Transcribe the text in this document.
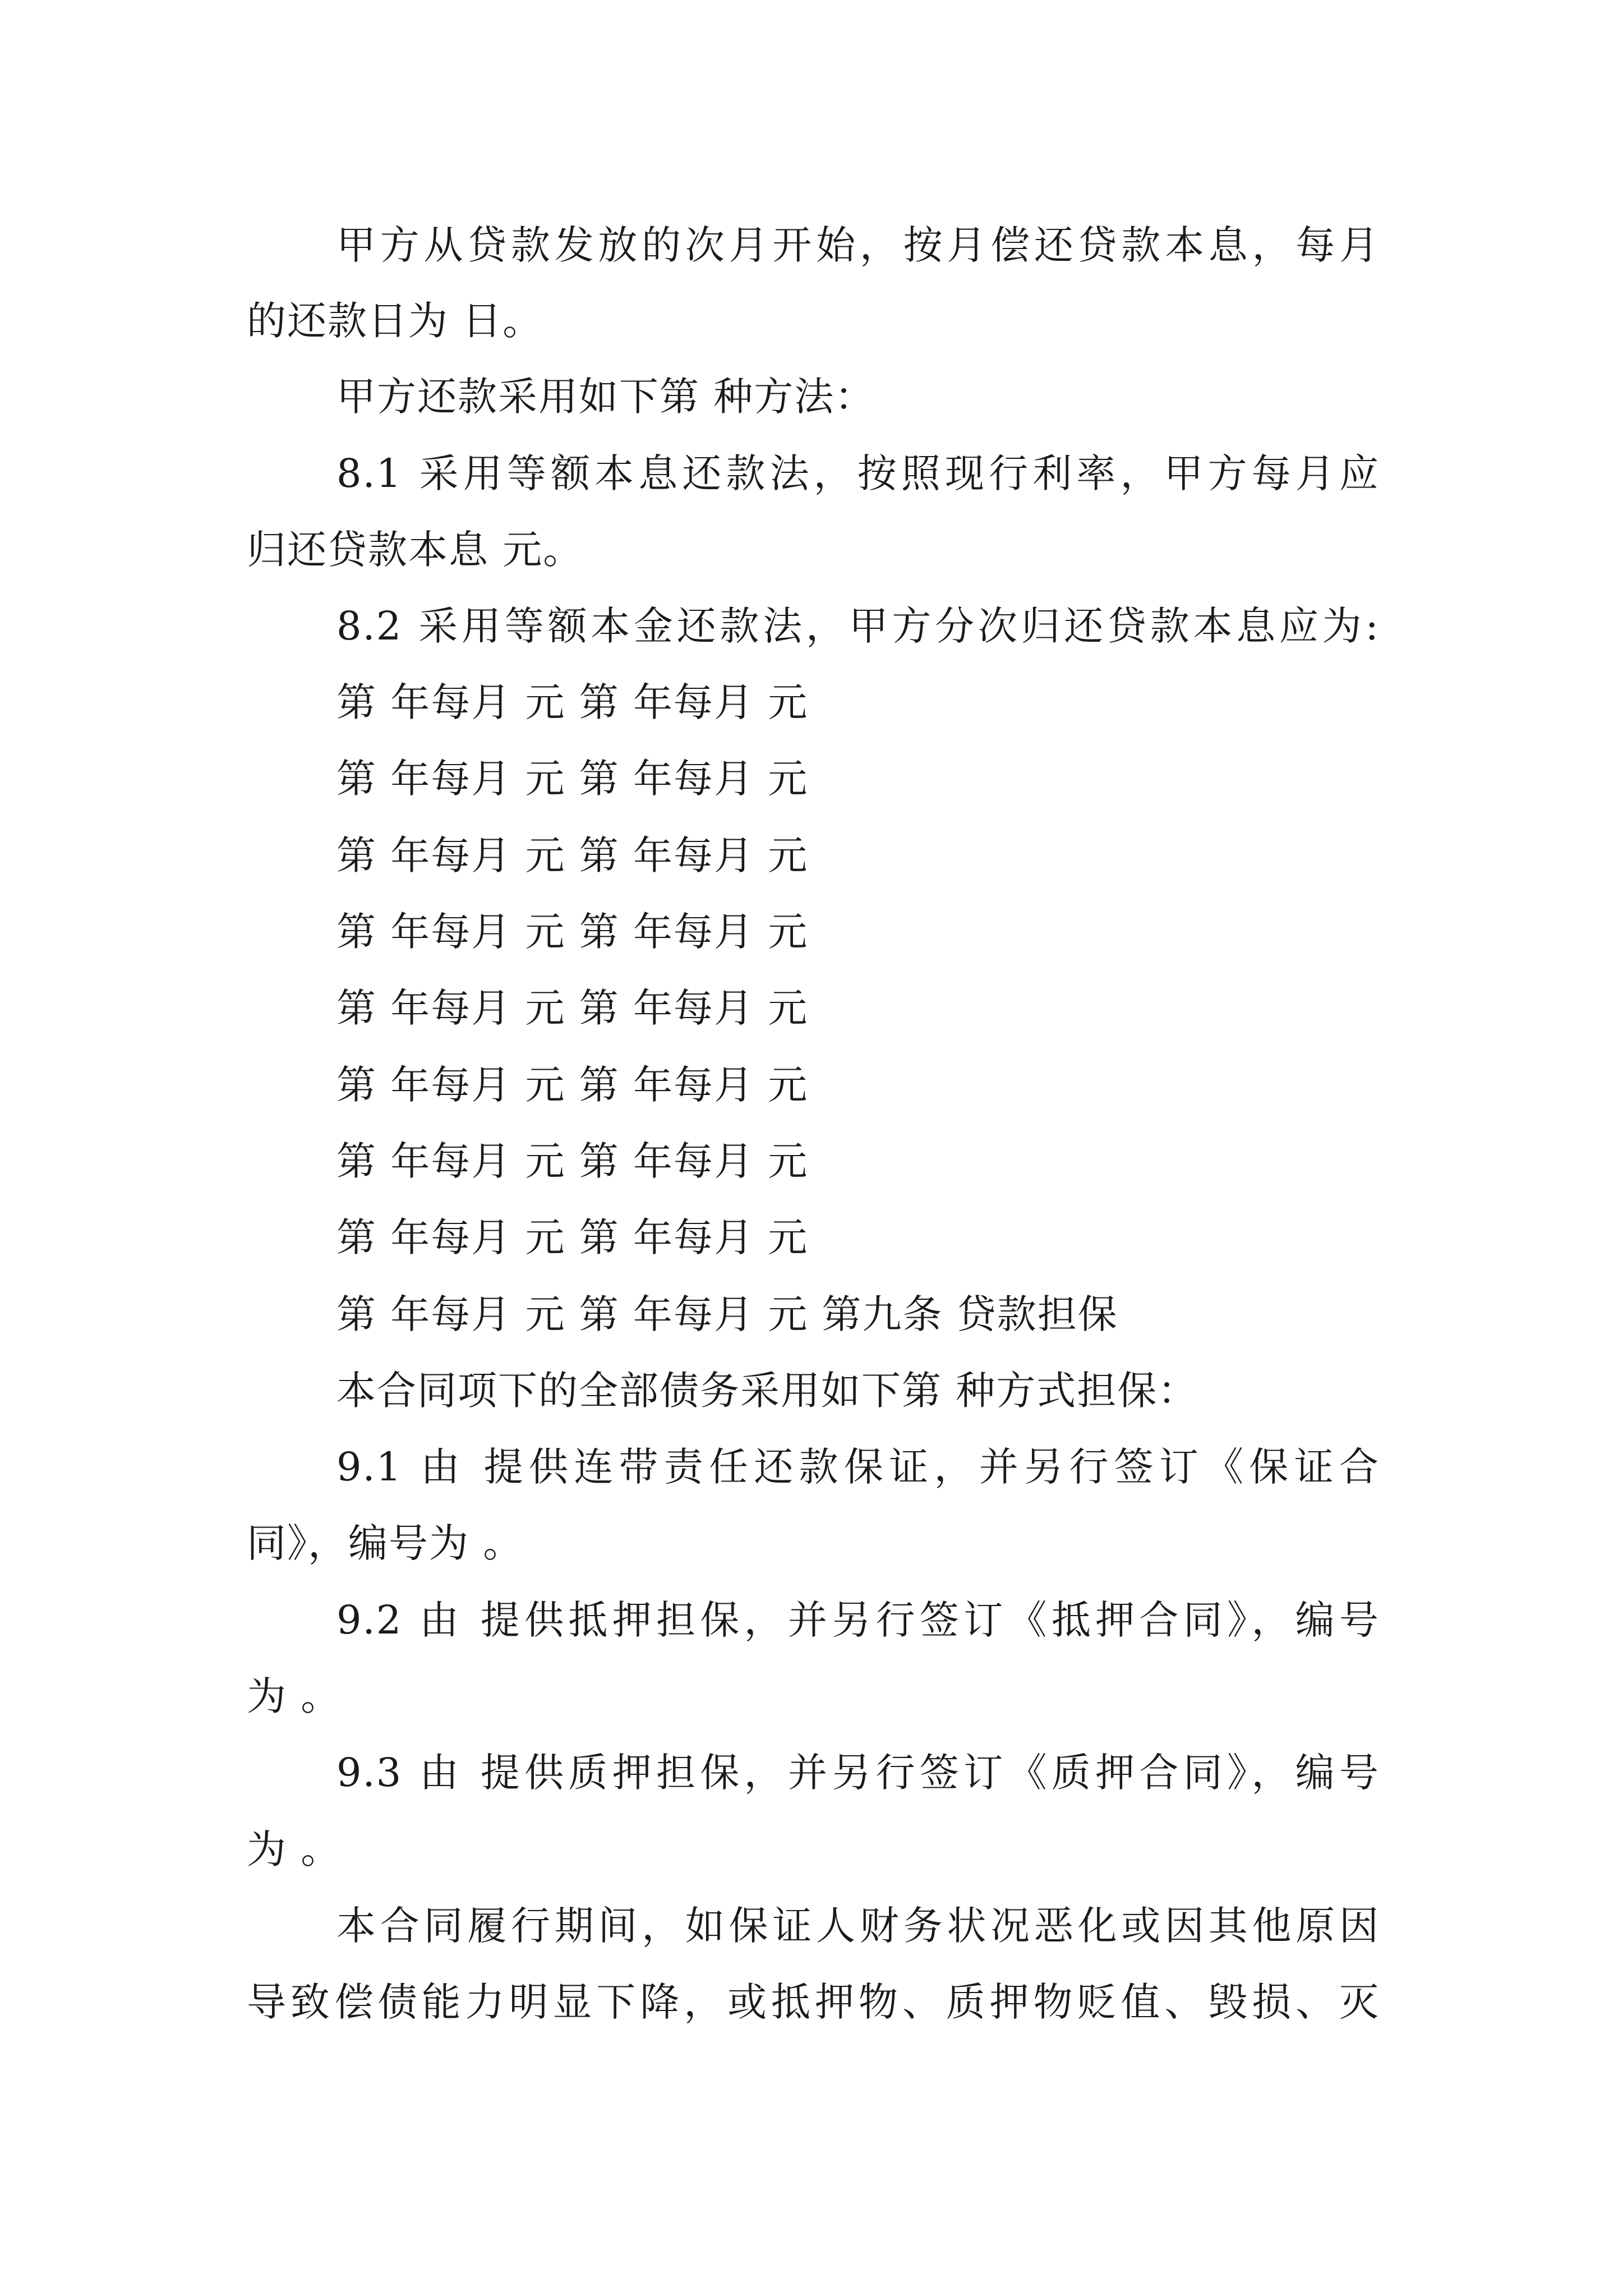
甲方从贷款发放的次月开始，按月偿还贷款本息，每月
的还款日为 日。
甲方还款采用如下第 种方法：
8.1 采用等额本息还款法，按照现行利率，甲方每月应
归还贷款本息 元。
8.2 采用等额本金还款法，甲方分次归还贷款本息应为:
第 年每月 元 第 年每月 元
第 年每月 元 第 年每月 元
第 年每月 元 第 年每月 元
第 年每月 元 第 年每月 元
第 年每月 元 第 年每月 元
第 年每月 元 第 年每月 元
第 年每月 元 第 年每月 元
第 年每月 元 第 年每月 元
第 年每月 元 第 年每月 元 第九条 贷款担保
本合同项下的全部债务采用如下第 种方式担保：
9.1 由 提供连带责任还款保证，并另行签订《保证合
同》，编号为 。
9.2 由 提供抵押担保，并另行签订《抵押合同》，编号
为 。
9.3 由 提供质押担保，并另行签订《质押合同》，编号
为 。
本合同履行期间，如保证人财务状况恶化或因其他原因
导致偿债能力明显下降，或抵押物、质押物贬值、毁损、灭
